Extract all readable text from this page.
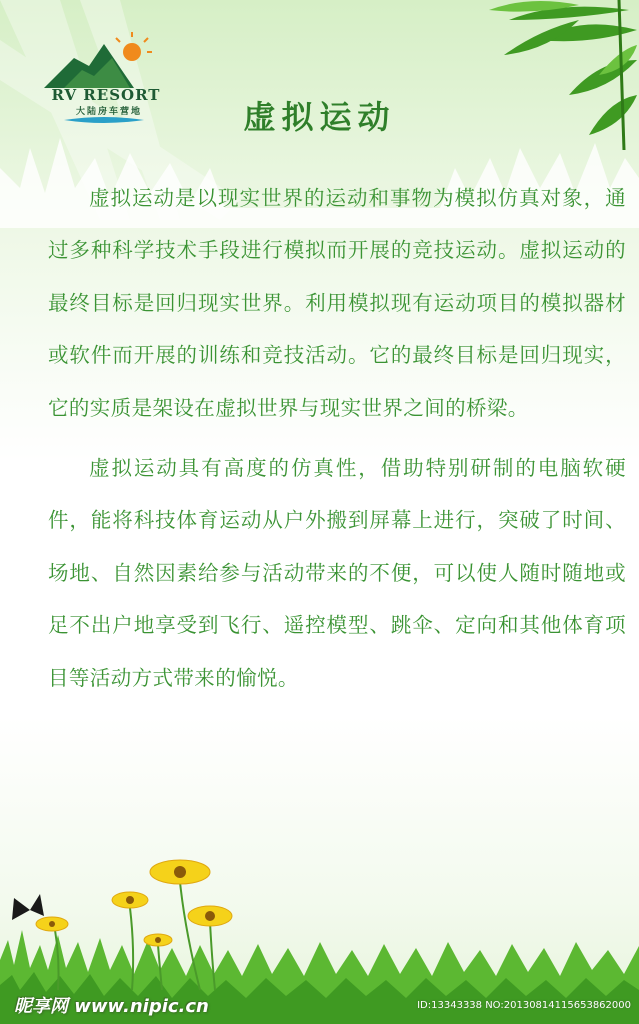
RV RESORT
大陆房车营地	虚拟运动

虚拟运动是以现实世界的运动和事物为模拟仿真对象，通过多种科学技术手段进行模拟而开展的竞技运动。虚拟运动的最终目标是回归现实世界。利用模拟现有运动项目的模拟器材或软件而开展的训练和竞技活动。它的最终目标是回归现实，它的实质是架设在虚拟世界与现实世界之间的桥梁。

虚拟运动具有高度的仿真性，借助特别研制的电脑软硬件，能将科技体育运动从户外搬到屏幕上进行，突破了时间、场地、自然因素给参与活动带来的不便，可以使人随时随地或足不出户地享受到飞行、遥控模型、跳伞、定向和其他体育项目等活动方式带来的愉悦。

昵享网 www.nipic.cn	ID:13343338 NO:20130814115653862000
